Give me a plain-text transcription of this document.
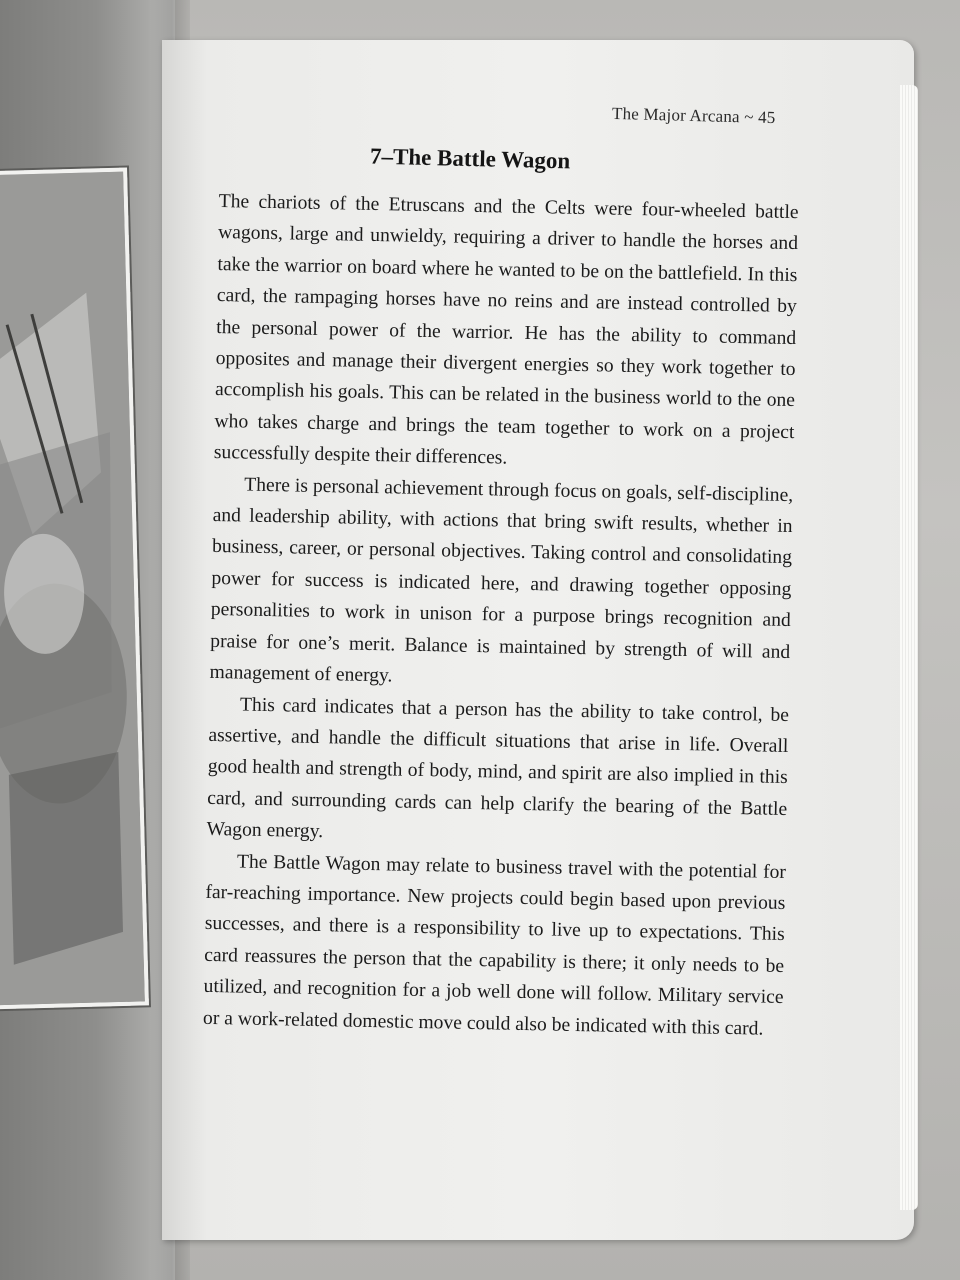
The Major Arcana ~ 45
7–The Battle Wagon

The chariots of the Etruscans and the Celts were four-wheeled battle wagons, large and unwieldy, requiring a driver to handle the horses and take the warrior on board where he wanted to be on the battlefield. In this card, the rampaging horses have no reins and are instead controlled by the personal power of the warrior. He has the ability to command opposites and manage their divergent energies so they work together to accomplish his goals. This can be related in the business world to the one who takes charge and brings the team together to work on a project successfully despite their differences.

There is personal achievement through focus on goals, self-discipline, and leadership ability, with actions that bring swift results, whether in business, career, or personal objectives. Taking control and consolidating power for success is indicated here, and drawing together opposing personalities to work in unison for a purpose brings recognition and praise for one’s merit. Balance is maintained by strength of will and management of energy.

This card indicates that a person has the ability to take control, be assertive, and handle the difficult situations that arise in life. Overall good health and strength of body, mind, and spirit are also implied in this card, and surrounding cards can help clarify the bearing of the Battle Wagon energy.

The Battle Wagon may relate to business travel with the potential for far-reaching importance. New projects could begin based upon previous successes, and there is a responsibility to live up to expectations. This card reassures the person that the capability is there; it only needs to be utilized, and recognition for a job well done will follow. Military service or a work-related domestic move could also be indicated with this card.
